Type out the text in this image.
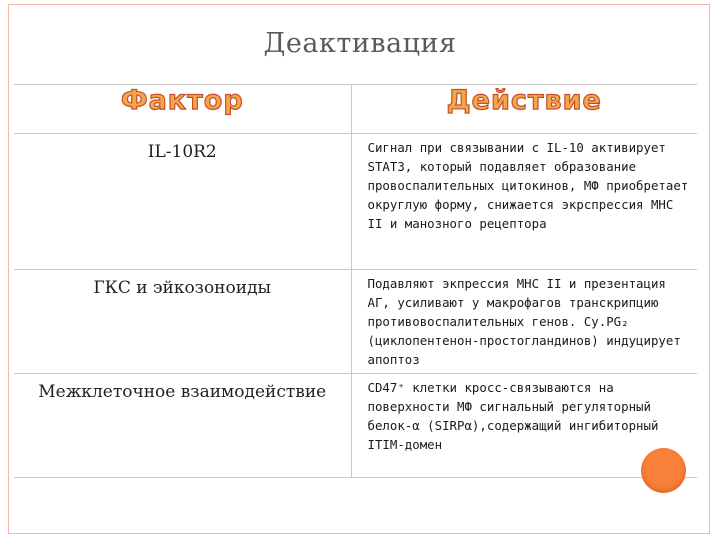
Деактивация
Фактор	Действие
IL-10R2	Сигнал при связывании с IL-10 активирует STAT3, который подавляет образование провоспалительных цитокинов, МФ приобретает округлую форму, снижается экрспрессия МНС II и манозного рецептора
ГКС и эйкозоноиды	Подавляют экпрессия МНС II и презентация АГ, усиливают у макрофагов транскрипцию противовоспалительных генов. Cy.PG₂ (циклопентенон-простогландинов) индуцирует апоптоз
Межклеточное взаимодействие	CD47⁺ клетки кросс-связываются на поверхности МФ сигнальный регуляторный белок-α (SIRPα),содержащий ингибиторный ITIM-домен
